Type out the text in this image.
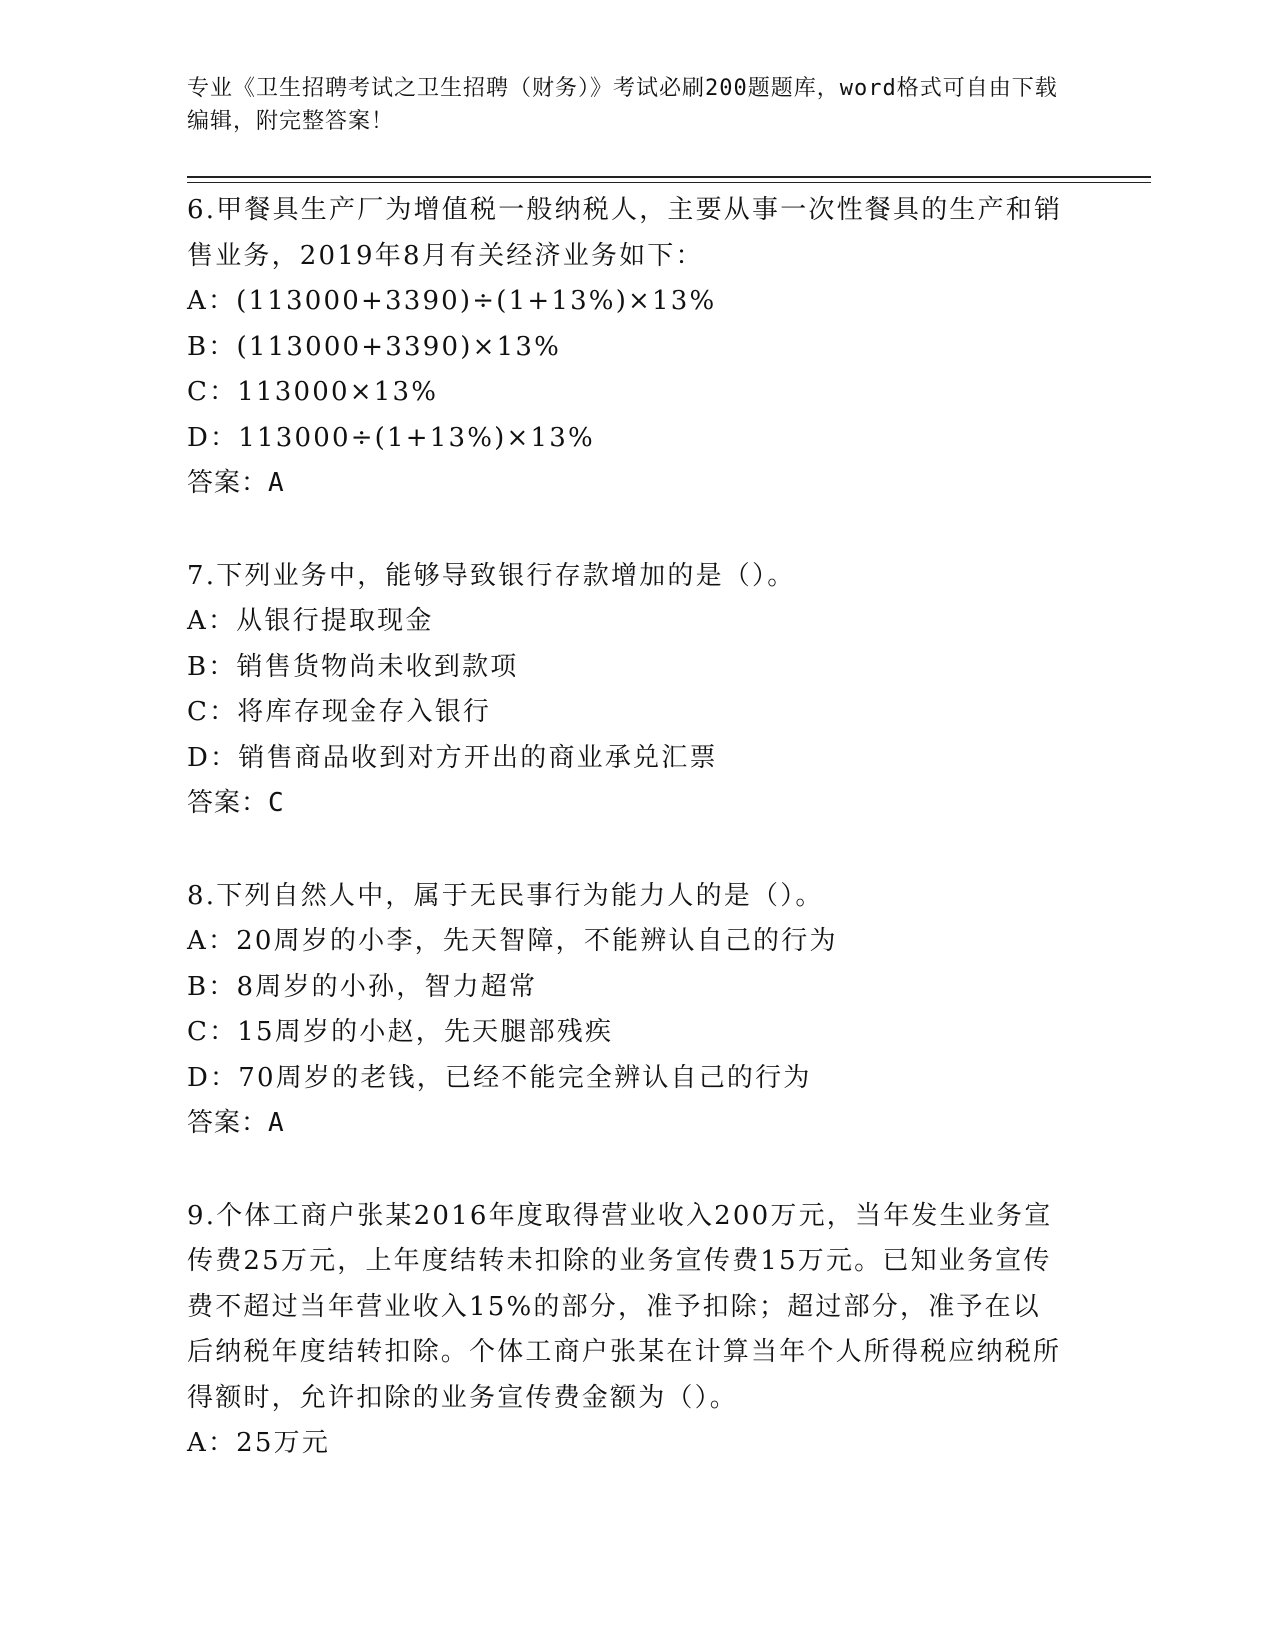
专业《卫生招聘考试之卫生招聘（财务）》考试必刷200题题库，word格式可自由下载编辑，附完整答案！

6.甲餐具生产厂为增值税一般纳税人，主要从事一次性餐具的生产和销售业务，2019年8月有关经济业务如下：

A：(113000+3390)÷(1+13%)×13%

B：(113000+3390)×13%

C：113000×13%

D：113000÷(1+13%)×13%

答案：A

7.下列业务中，能够导致银行存款增加的是（）。

A：从银行提取现金

B：销售货物尚未收到款项

C：将库存现金存入银行

D：销售商品收到对方开出的商业承兑汇票

答案：C

8.下列自然人中，属于无民事行为能力人的是（）。

A：20周岁的小李，先天智障，不能辨认自己的行为

B：8周岁的小孙，智力超常

C：15周岁的小赵，先天腿部残疾

D：70周岁的老钱，已经不能完全辨认自己的行为

答案：A

9.个体工商户张某2016年度取得营业收入200万元，当年发生业务宣传费25万元，上年度结转未扣除的业务宣传费15万元。已知业务宣传费不超过当年营业收入15%的部分，准予扣除；超过部分，准予在以后纳税年度结转扣除。个体工商户张某在计算当年个人所得税应纳税所得额时，允许扣除的业务宣传费金额为（）。

A：25万元
